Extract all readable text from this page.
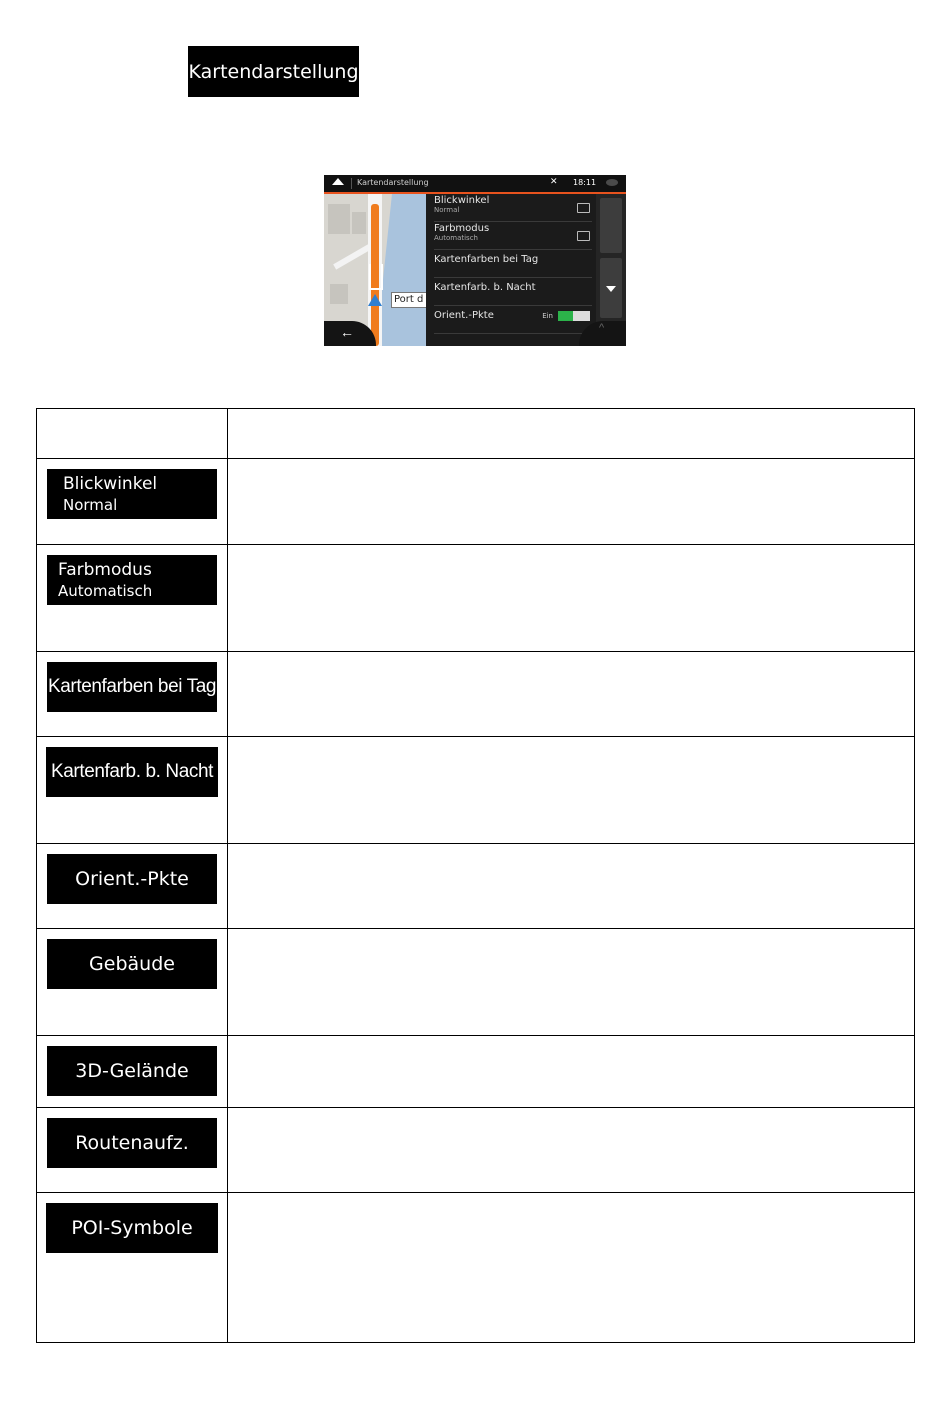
Kartendarstellung
Kartendarstellung	✕ 18:11
Port d
Blickwinkel
Normal
Farbmodus
Automatisch
Kartenfarben bei Tag
Kartenfarb. b. Nacht
Orient.-Pkte	Ein
←	^

Blickwinkel
Normal	

Farbmodus
Automatisch	

Kartenfarben bei Tag	

Kartenfarb. b. Nacht	

Orient.-Pkte	

Gebäude	

3D-Gelände	

Routenaufz.	

POI-Symbole	
